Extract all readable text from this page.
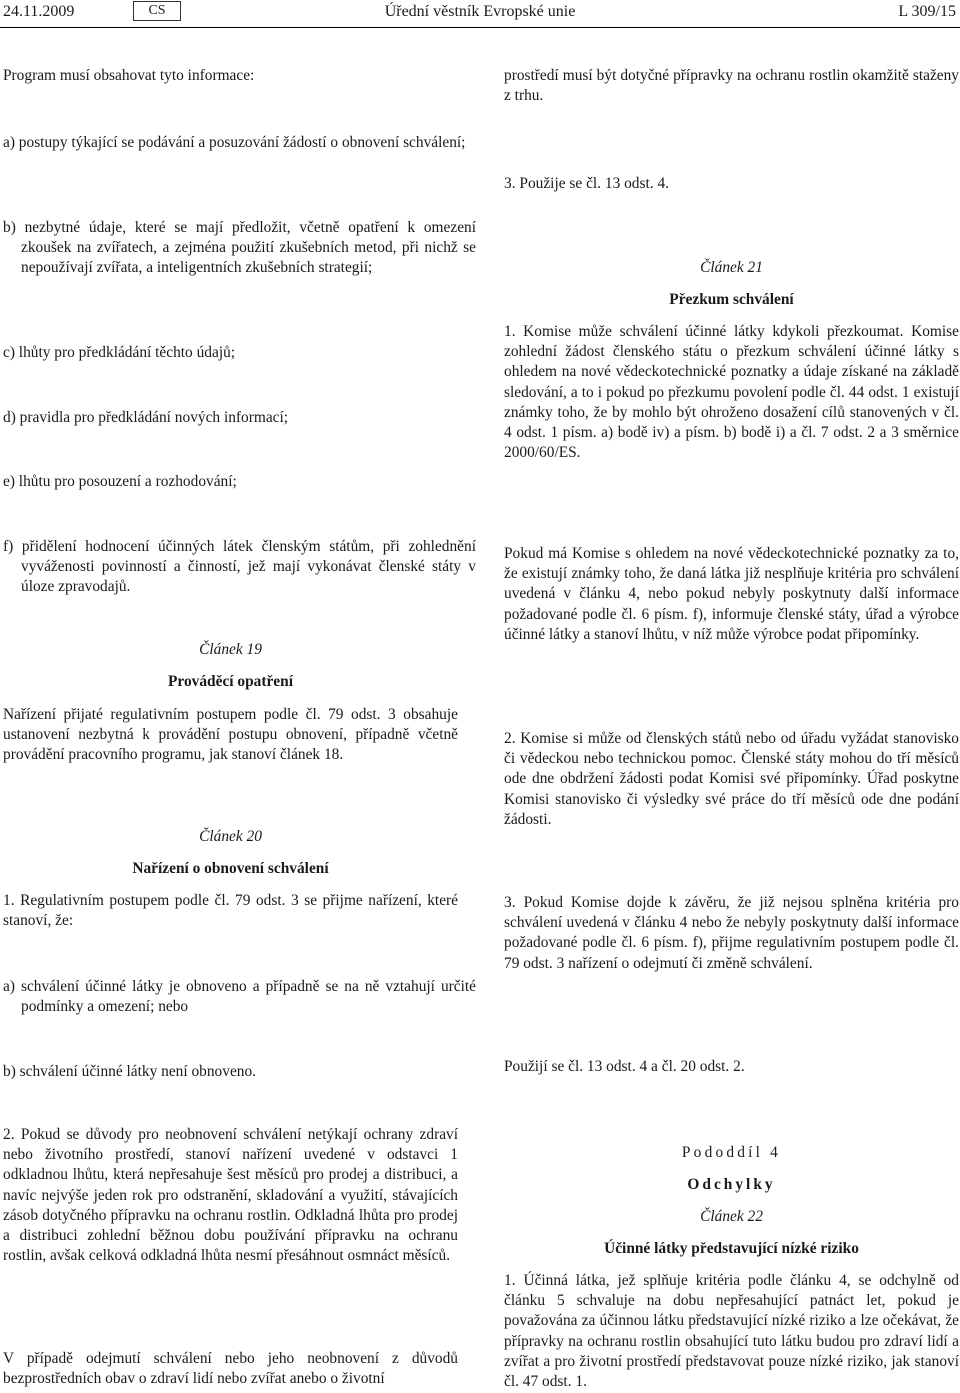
Úřední věstník Evropské unie
24.11.2009	CS	L 309/15
Program musí obsahovat tyto informace:
a) postupy týkající se podávání a posuzování žádostí o obnovení schválení;
b) nezbytné údaje, které se mají předložit, včetně opatření k omezení zkoušek na zvířatech, a zejména použití zkušebních metod, při nichž se nepoužívají zvířata, a inteligentních zkušebních strategií;
c) lhůty pro předkládání těchto údajů;
d) pravidla pro předkládání nových informací;
e) lhůtu pro posouzení a rozhodování;
prostředí musí být dotyčné přípravky na ochranu rostlin okamžitě staženy z trhu.
3. Použije se čl. 13 odst. 4.
Článek 21
Přezkum schválení
1. Komise může schválení účinné látky kdykoli přezkoumat. Komise zohlední žádost členského státu o přezkum schválení účinné látky s ohledem na nové vědeckotechnické poznatky a údaje získané na základě sledování, a to i pokud po přezkumu povolení podle čl. 44 odst. 1 existují známky toho, že by mohlo být ohroženo dosažení cílů stanovených v čl. 4 odst. 1 písm. a) bodě iv) a písm. b) bodě i) a čl. 7 odst. 2 a 3 směrnice 2000/60/ES.
f) přidělení hodnocení účinných látek členským státům, při zohlednění vyváženosti povinností a činností, jež mají vykonávat členské státy v úloze zpravodajů.
Článek 19
Prováděcí opatření
Nařízení přijaté regulativním postupem podle čl. 79 odst. 3 obsahuje ustanovení nezbytná k provádění postupu obnovení, případně včetně provádění pracovního programu, jak stanoví článek 18.
Článek 20
Nařízení o obnovení schválení
1. Regulativním postupem podle čl. 79 odst. 3 se přijme nařízení, které stanoví, že:
a) schválení účinné látky je obnoveno a případně se na ně vztahují určité podmínky a omezení; nebo
b) schválení účinné látky není obnoveno.
2. Pokud se důvody pro neobnovení schválení netýkají ochrany zdraví nebo životního prostředí, stanoví nařízení uvedené v odstavci 1 odkladnou lhůtu, která nepřesahuje šest měsíců pro prodej a distribuci, a navíc nejvýše jeden rok pro odstranění, skladování a využití, stávajících zásob dotyčného přípravku na ochranu rostlin. Odkladná lhůta pro prodej a distribuci zohlední běžnou dobu používání přípravku na ochranu rostlin, avšak celková odkladná lhůta nesmí přesáhnout osmnáct měsíců.
V případě odejmutí schválení nebo jeho neobnovení z důvodů bezprostředních obav o zdraví lidí nebo zvířat anebo o životní
Pokud má Komise s ohledem na nové vědeckotechnické poznatky za to, že existují známky toho, že daná látka již nesplňuje kritéria pro schválení uvedená v článku 4, nebo pokud nebyly poskytnuty další informace požadované podle čl. 6 písm. f), informuje členské státy, úřad a výrobce účinné látky a stanoví lhůtu, v níž může výrobce podat připomínky.
2. Komise si může od členských států nebo od úřadu vyžádat stanovisko či vědeckou nebo technickou pomoc. Členské státy mohou do tří měsíců ode dne obdržení žádosti podat Komisi své připomínky. Úřad poskytne Komisi stanovisko či výsledky své práce do tří měsíců ode dne podání žádosti.
3. Pokud Komise dojde k závěru, že již nejsou splněna kritéria pro schválení uvedená v článku 4 nebo že nebyly poskytnuty další informace požadované podle čl. 6 písm. f), přijme regulativním postupem podle čl. 79 odst. 3 nařízení o odejmutí či změně schválení.
Použijí se čl. 13 odst. 4 a čl. 20 odst. 2.
Pododdíl 4
Odchylky
Článek 22
Účinné látky představující nízké riziko
1. Účinná látka, jež splňuje kritéria podle článku 4, se odchylně od článku 5 schvaluje na dobu nepřesahující patnáct let, pokud je považována za účinnou látku představující nízké riziko a lze očekávat, že přípravky na ochranu rostlin obsahující tuto látku budou pro zdraví lidí a zvířat a pro životní prostředí představovat pouze nízké riziko, jak stanoví čl. 47 odst. 1.
